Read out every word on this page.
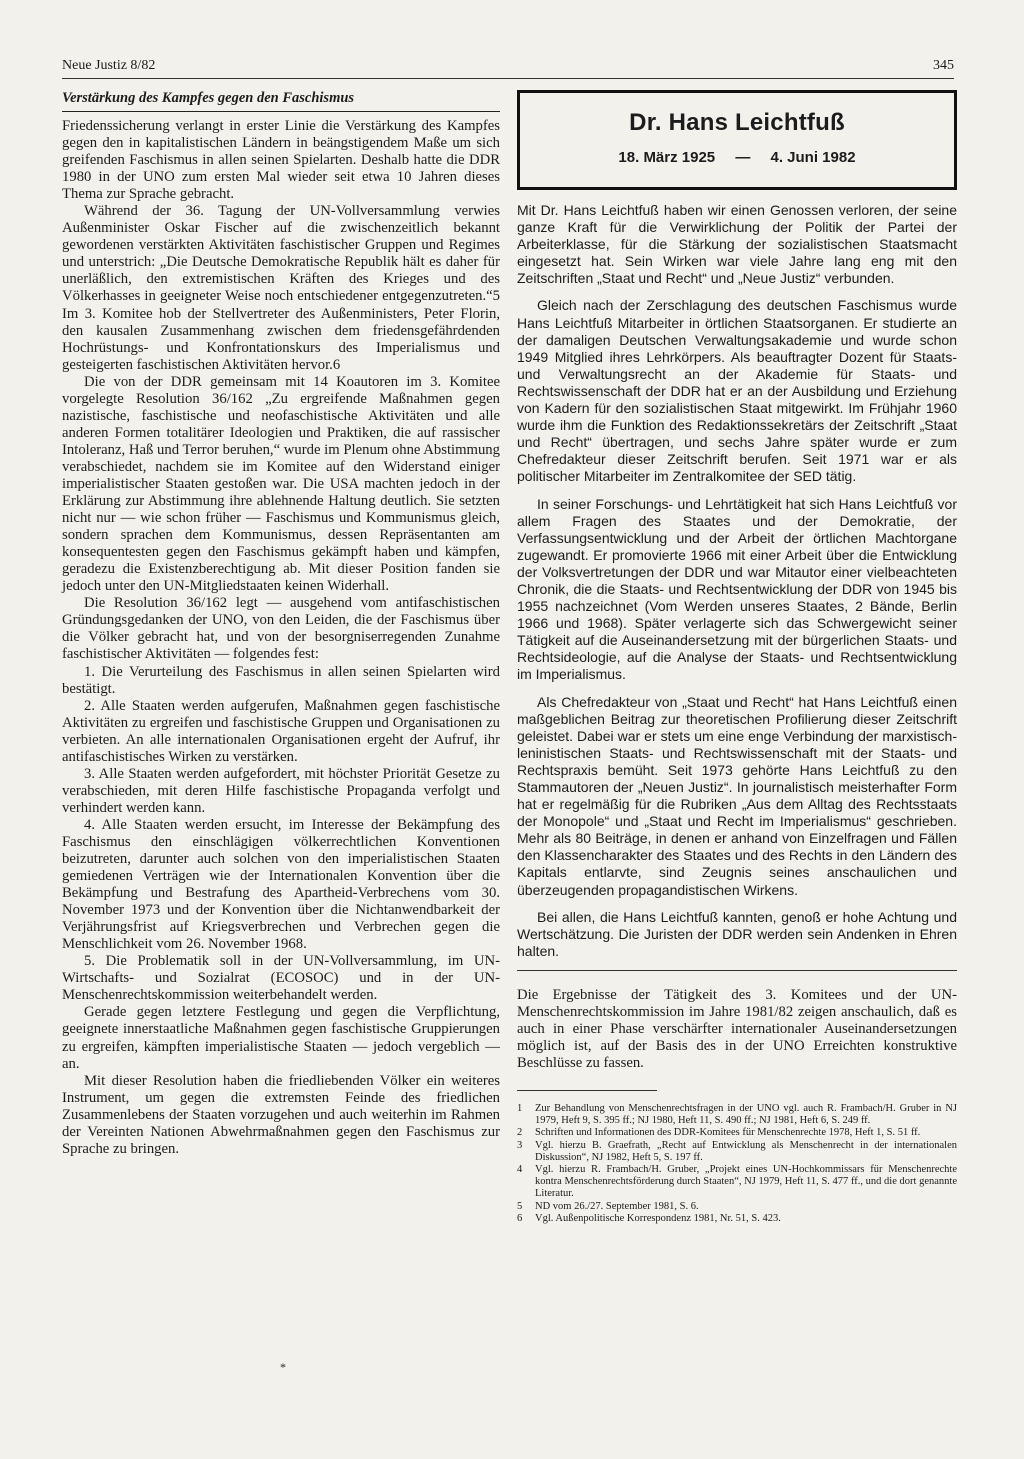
Neue Justiz 8/82	345
Verstärkung des Kampfes gegen den Faschismus

Friedenssicherung verlangt in erster Linie die Verstärkung des Kampfes gegen den in kapitalistischen Ländern in beängstigendem Maße um sich greifenden Faschismus in allen seinen Spielarten. Deshalb hatte die DDR 1980 in der UNO zum ersten Mal wieder seit etwa 10 Jahren dieses Thema zur Sprache gebracht.

Während der 36. Tagung der UN-Vollversammlung verwies Außenminister Oskar Fischer auf die zwischenzeitlich bekannt gewordenen verstärkten Aktivitäten faschistischer Gruppen und Regimes und unterstrich: „Die Deutsche Demokratische Republik hält es daher für unerläßlich, den extremistischen Kräften des Krieges und des Völkerhasses in geeigneter Weise noch entschiedener entgegenzutreten.“5 Im 3. Komitee hob der Stellvertreter des Außenministers, Peter Florin, den kausalen Zusammenhang zwischen dem friedensgefährdenden Hochrüstungs- und Konfrontationskurs des Imperialismus und gesteigerten faschistischen Aktivitäten hervor.6

Die von der DDR gemeinsam mit 14 Koautoren im 3. Komitee vorgelegte Resolution 36/162 „Zu ergreifende Maßnahmen gegen nazistische, faschistische und neofaschistische Aktivitäten und alle anderen Formen totalitärer Ideologien und Praktiken, die auf rassischer Intoleranz, Haß und Terror beruhen,“ wurde im Plenum ohne Abstimmung verabschiedet, nachdem sie im Komitee auf den Widerstand einiger imperialistischer Staaten gestoßen war. Die USA machten jedoch in der Erklärung zur Abstimmung ihre ablehnende Haltung deutlich. Sie setzten nicht nur — wie schon früher — Faschismus und Kommunismus gleich, sondern sprachen dem Kommunismus, dessen Repräsentanten am konsequentesten gegen den Faschismus gekämpft haben und kämpfen, geradezu die Existenzberechtigung ab. Mit dieser Position fanden sie jedoch unter den UN-Mitgliedstaaten keinen Widerhall.

Die Resolution 36/162 legt — ausgehend vom antifaschistischen Gründungsgedanken der UNO, von den Leiden, die der Faschismus über die Völker gebracht hat, und von der besorgniserregenden Zunahme faschistischer Aktivitäten — folgendes fest:

1. Die Verurteilung des Faschismus in allen seinen Spielarten wird bestätigt.

2. Alle Staaten werden aufgerufen, Maßnahmen gegen faschistische Aktivitäten zu ergreifen und faschistische Gruppen und Organisationen zu verbieten. An alle internationalen Organisationen ergeht der Aufruf, ihr antifaschistisches Wirken zu verstärken.

3. Alle Staaten werden aufgefordert, mit höchster Priorität Gesetze zu verabschieden, mit deren Hilfe faschistische Propaganda verfolgt und verhindert werden kann.

4. Alle Staaten werden ersucht, im Interesse der Bekämpfung des Faschismus den einschlägigen völkerrechtlichen Konventionen beizutreten, darunter auch solchen von den imperialistischen Staaten gemiedenen Verträgen wie der Internationalen Konvention über die Bekämpfung und Bestrafung des Apartheid-Verbrechens vom 30. November 1973 und der Konvention über die Nichtanwendbarkeit der Verjährungsfrist auf Kriegsverbrechen und Verbrechen gegen die Menschlichkeit vom 26. November 1968.

5. Die Problematik soll in der UN-Vollversammlung, im UN-Wirtschafts- und Sozialrat (ECOSOC) und in der UN-Menschenrechtskommission weiterbehandelt werden.

Gerade gegen letztere Festlegung und gegen die Verpflichtung, geeignete innerstaatliche Maßnahmen gegen faschistische Gruppierungen zu ergreifen, kämpften imperialistische Staaten — jedoch vergeblich — an.

Mit dieser Resolution haben die friedliebenden Völker ein weiteres Instrument, um gegen die extremsten Feinde des friedlichen Zusammenlebens der Staaten vorzugehen und auch weiterhin im Rahmen der Vereinten Nationen Abwehrmaßnahmen gegen den Faschismus zur Sprache zu bringen.

*
Dr. Hans Leichtfuß
18. März 1925 — 4. Juni 1982

Mit Dr. Hans Leichtfuß haben wir einen Genossen verloren, der seine ganze Kraft für die Verwirklichung der Politik der Partei der Arbeiterklasse, für die Stärkung der sozialistischen Staatsmacht eingesetzt hat. Sein Wirken war viele Jahre lang eng mit den Zeitschriften „Staat und Recht“ und „Neue Justiz“ verbunden.

Gleich nach der Zerschlagung des deutschen Faschismus wurde Hans Leichtfuß Mitarbeiter in örtlichen Staatsorganen. Er studierte an der damaligen Deutschen Verwaltungsakademie und wurde schon 1949 Mitglied ihres Lehrkörpers. Als beauftragter Dozent für Staats- und Verwaltungsrecht an der Akademie für Staats- und Rechtswissenschaft der DDR hat er an der Ausbildung und Erziehung von Kadern für den sozialistischen Staat mitgewirkt. Im Frühjahr 1960 wurde ihm die Funktion des Redaktionssekretärs der Zeitschrift „Staat und Recht“ übertragen, und sechs Jahre später wurde er zum Chefredakteur dieser Zeitschrift berufen. Seit 1971 war er als politischer Mitarbeiter im Zentralkomitee der SED tätig.

In seiner Forschungs- und Lehrtätigkeit hat sich Hans Leichtfuß vor allem Fragen des Staates und der Demokratie, der Verfassungsentwicklung und der Arbeit der örtlichen Machtorgane zugewandt. Er promovierte 1966 mit einer Arbeit über die Entwicklung der Volksvertretungen der DDR und war Mitautor einer vielbeachteten Chronik, die die Staats- und Rechtsentwicklung der DDR von 1945 bis 1955 nachzeichnet (Vom Werden unseres Staates, 2 Bände, Berlin 1966 und 1968). Später verlagerte sich das Schwergewicht seiner Tätigkeit auf die Auseinandersetzung mit der bürgerlichen Staats- und Rechtsideologie, auf die Analyse der Staats- und Rechtsentwicklung im Imperialismus.

Als Chefredakteur von „Staat und Recht“ hat Hans Leichtfuß einen maßgeblichen Beitrag zur theoretischen Profilierung dieser Zeitschrift geleistet. Dabei war er stets um eine enge Verbindung der marxistisch-leninistischen Staats- und Rechtswissenschaft mit der Staats- und Rechtspraxis bemüht. Seit 1973 gehörte Hans Leichtfuß zu den Stammautoren der „Neuen Justiz“. In journalistisch meisterhafter Form hat er regelmäßig für die Rubriken „Aus dem Alltag des Rechtsstaats der Monopole“ und „Staat und Recht im Imperialismus“ geschrieben. Mehr als 80 Beiträge, in denen er anhand von Einzelfragen und Fällen den Klassencharakter des Staates und des Rechts in den Ländern des Kapitals entlarvte, sind Zeugnis seines anschaulichen und überzeugenden propagandistischen Wirkens.

Bei allen, die Hans Leichtfuß kannten, genoß er hohe Achtung und Wertschätzung. Die Juristen der DDR werden sein Andenken in Ehren halten.

Die Ergebnisse der Tätigkeit des 3. Komitees und der UN-Menschenrechtskommission im Jahre 1981/82 zeigen anschaulich, daß es auch in einer Phase verschärfter internationaler Auseinandersetzungen möglich ist, auf der Basis des in der UNO Erreichten konstruktive Beschlüsse zu fassen.

1	Zur Behandlung von Menschenrechtsfragen in der UNO vgl. auch R. Frambach/H. Gruber in NJ 1979, Heft 9, S. 395 ff.; NJ 1980, Heft 11, S. 490 ff.; NJ 1981, Heft 6, S. 249 ff.
2	Schriften und Informationen des DDR-Komitees für Menschenrechte 1978, Heft 1, S. 51 ff.
3	Vgl. hierzu B. Graefrath, „Recht auf Entwicklung als Menschenrecht in der internationalen Diskussion“, NJ 1982, Heft 5, S. 197 ff.
4	Vgl. hierzu R. Frambach/H. Gruber, „Projekt eines UN-Hochkommissars für Menschenrechte kontra Menschenrechtsförderung durch Staaten“, NJ 1979, Heft 11, S. 477 ff., und die dort genannte Literatur.
5	ND vom 26./27. September 1981, S. 6.
6	Vgl. Außenpolitische Korrespondenz 1981, Nr. 51, S. 423.
